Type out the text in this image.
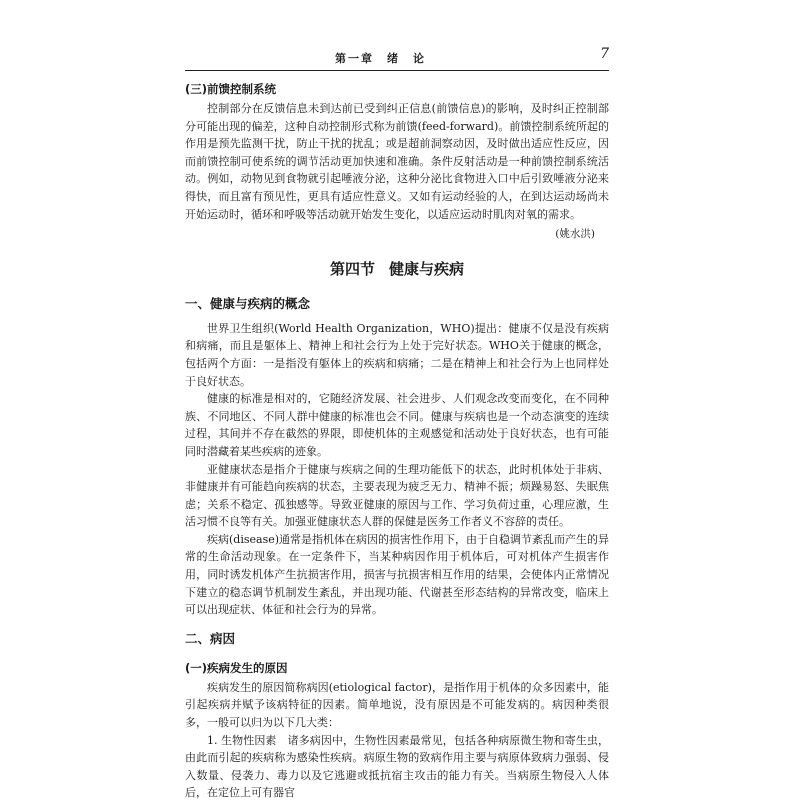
第一章　绪　论	7
(三)前馈控制系统

控制部分在反馈信息未到达前已受到纠正信息(前馈信息)的影响，及时纠正控制部分可能出现的偏差，这种自动控制形式称为前馈(feed-forward)。前馈控制系统所起的作用是预先监测干扰，防止干扰的扰乱；或是超前洞察动因，及时做出适应性反应，因而前馈控制可使系统的调节活动更加快速和准确。条件反射活动是一种前馈控制系统活动。例如，动物见到食物就引起唾液分泌，这种分泌比食物进入口中后引致唾液分泌来得快，而且富有预见性，更具有适应性意义。又如有运动经验的人，在到达运动场尚未开始运动时，循环和呼吸等活动就开始发生变化，以适应运动时肌肉对氧的需求。

(姚水洪)
第四节 健康与疾病
一、健康与疾病的概念

世界卫生组织(World Health Organization，WHO)提出：健康不仅是没有疾病和病痛，而且是躯体上、精神上和社会行为上处于完好状态。WHO关于健康的概念，包括两个方面：一是指没有躯体上的疾病和病痛；二是在精神上和社会行为上也同样处于良好状态。

健康的标准是相对的，它随经济发展、社会进步、人们观念改变而变化，在不同种族、不同地区、不同人群中健康的标准也会不同。健康与疾病也是一个动态演变的连续过程，其间并不存在截然的界限，即使机体的主观感觉和活动处于良好状态，也有可能同时潜藏着某些疾病的迹象。

亚健康状态是指介于健康与疾病之间的生理功能低下的状态，此时机体处于非病、非健康并有可能趋向疾病的状态，主要表现为疲乏无力、精神不振；烦躁易怒、失眠焦虑；关系不稳定、孤独感等。导致亚健康的原因与工作、学习负荷过重，心理应激，生活习惯不良等有关。加强亚健康状态人群的保健是医务工作者义不容辞的责任。

疾病(disease)通常是指机体在病因的损害性作用下，由于自稳调节紊乱而产生的异常的生命活动现象。在一定条件下，当某种病因作用于机体后，可对机体产生损害作用，同时诱发机体产生抗损害作用，损害与抗损害相互作用的结果，会使体内正常情况下建立的稳态调节机制发生紊乱，并出现功能、代谢甚至形态结构的异常改变，临床上可以出现症状、体征和社会行为的异常。

二、病因
(一)疾病发生的原因

疾病发生的原因简称病因(etiological factor)，是指作用于机体的众多因素中，能引起疾病并赋予该病特征的因素。简单地说，没有原因是不可能发病的。病因种类很多，一般可以归为以下几大类：

1. 生物性因素　诸多病因中，生物性因素最常见，包括各种病原微生物和寄生虫，由此而引起的疾病称为感染性疾病。病原生物的致病作用主要与病原体致病力强弱、侵入数量、侵袭力、毒力以及它逃避或抵抗宿主攻击的能力有关。当病原生物侵入人体后，在定位上可有器官
